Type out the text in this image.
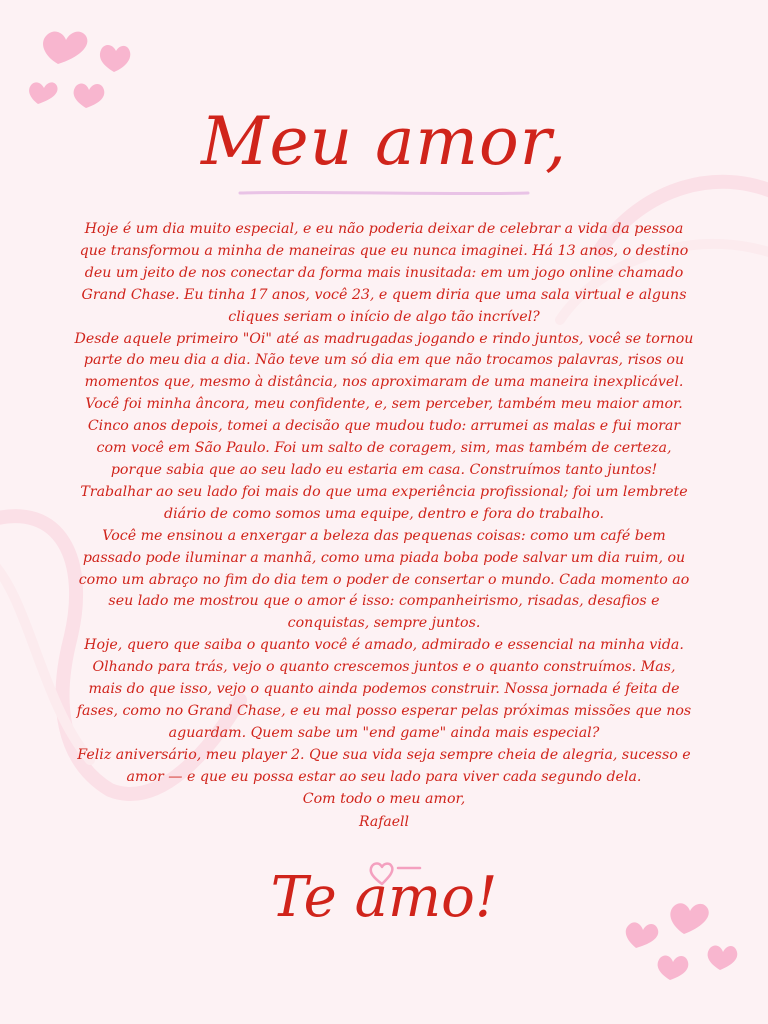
Meu amor,

Hoje é um dia muito especial, e eu não poderia deixar de celebrar a vida da pessoa que transformou a minha de maneiras que eu nunca imaginei. Há 13 anos, o destino deu um jeito de nos conectar da forma mais inusitada: em um jogo online chamado Grand Chase. Eu tinha 17 anos, você 23, e quem diria que uma sala virtual e alguns cliques seriam o início de algo tão incrível?

Desde aquele primeiro "Oi" até as madrugadas jogando e rindo juntos, você se tornou parte do meu dia a dia. Não teve um só dia em que não trocamos palavras, risos ou momentos que, mesmo à distância, nos aproximaram de uma maneira inexplicável. Você foi minha âncora, meu confidente, e, sem perceber, também meu maior amor.

Cinco anos depois, tomei a decisão que mudou tudo: arrumei as malas e fui morar com você em São Paulo. Foi um salto de coragem, sim, mas também de certeza, porque sabia que ao seu lado eu estaria em casa. Construímos tanto juntos! Trabalhar ao seu lado foi mais do que uma experiência profissional; foi um lembrete diário de como somos uma equipe, dentro e fora do trabalho.

Você me ensinou a enxergar a beleza das pequenas coisas: como um café bem passado pode iluminar a manhã, como uma piada boba pode salvar um dia ruim, ou como um abraço no fim do dia tem o poder de consertar o mundo. Cada momento ao seu lado me mostrou que o amor é isso: companheirismo, risadas, desafios e conquistas, sempre juntos.

Hoje, quero que saiba o quanto você é amado, admirado e essencial na minha vida. Olhando para trás, vejo o quanto crescemos juntos e o quanto construímos. Mas, mais do que isso, vejo o quanto ainda podemos construir. Nossa jornada é feita de fases, como no Grand Chase, e eu mal posso esperar pelas próximas missões que nos aguardam. Quem sabe um "end game" ainda mais especial?

Feliz aniversário, meu player 2. Que sua vida seja sempre cheia de alegria, sucesso e amor — e que eu possa estar ao seu lado para viver cada segundo dela.

Com todo o meu amor,

Rafaell
Te amo!
